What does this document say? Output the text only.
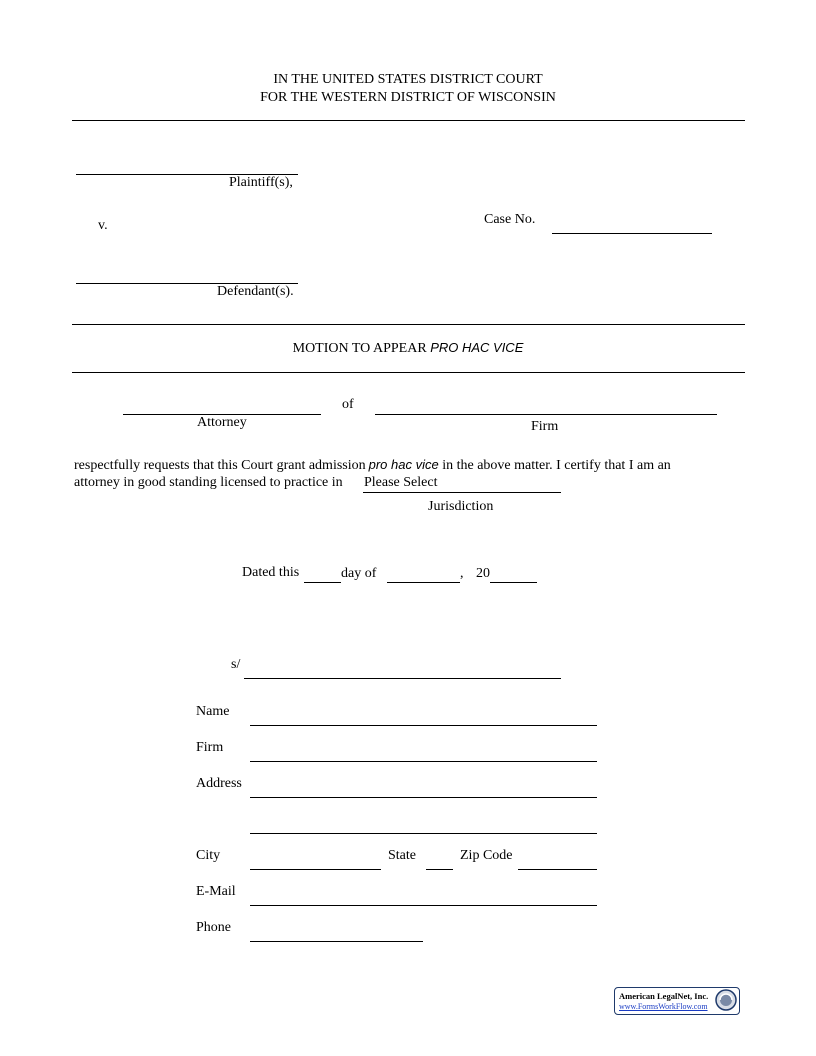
IN THE UNITED STATES DISTRICT COURT
FOR THE WESTERN DISTRICT OF WISCONSIN
Plaintiff(s),
v.	Case No.
Defendant(s).
MOTION TO APPEAR PRO HAC VICE
of
Attorney	Firm
respectfully requests that this Court grant admission pro hac vice in the above matter. I certify that I am an
attorney in good standing licensed to practice in Please Select
Jurisdiction
Dated this	day of	, 20
s/
Name
Firm
Address
City	State	Zip Code
E-Mail
Phone
American LegalNet, Inc.
www.FormsWorkFlow.com
